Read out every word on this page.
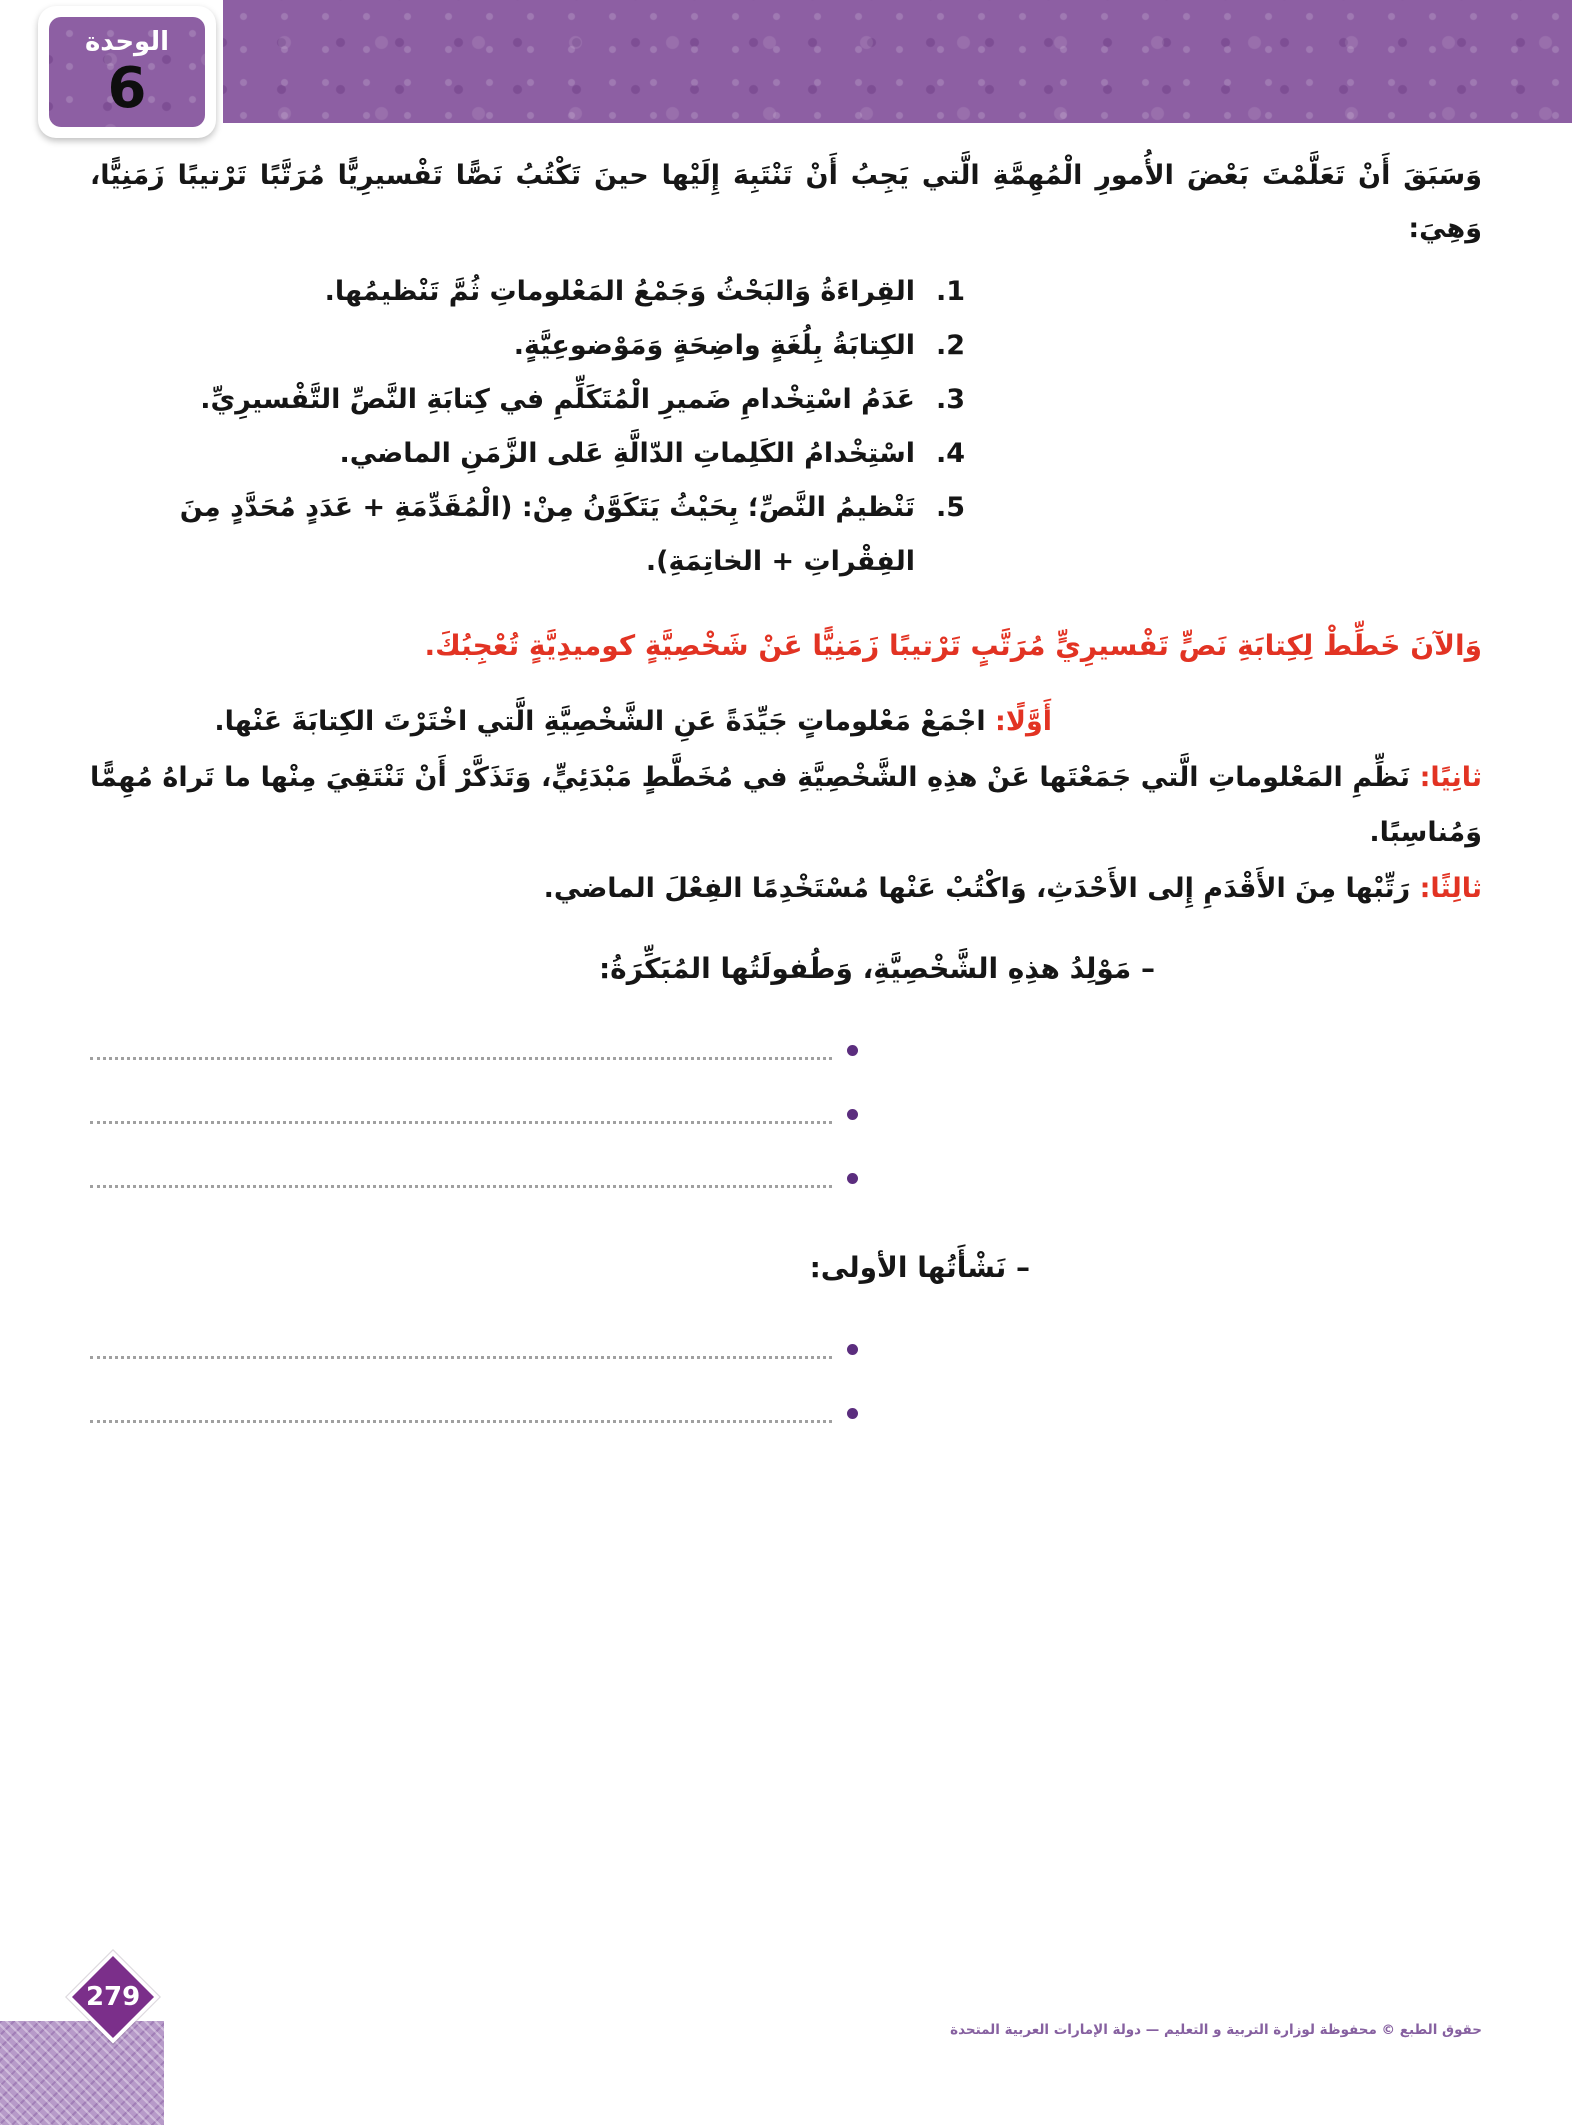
الوحدة
6

وَسَبَقَ أَنْ تَعَلَّمْتَ بَعْضَ الأُمورِ الْمُهِمَّةِ الَّتي يَجِبُ أَنْ تَنْتَبِهَ إِلَيْها حينَ تَكْتُبُ نَصًّا تَفْسيرِيًّا مُرَتَّبًا تَرْتيبًا زَمَنِيًّا، وَهِيَ:

1.
القِراءَةُ وَالبَحْثُ وَجَمْعُ المَعْلوماتِ ثُمَّ تَنْظيمُها.
2.
الكِتابَةُ بِلُغَةٍ واضِحَةٍ وَمَوْضوعِيَّةٍ.
3.
عَدَمُ اسْتِخْدامِ ضَميرِ الْمُتَكَلِّمِ في كِتابَةِ النَّصِّ التَّفْسيرِيِّ.
4.
اسْتِخْدامُ الكَلِماتِ الدّالَّةِ عَلى الزَّمَنِ الماضي.
5.
تَنْظيمُ النَّصِّ؛ بِحَيْثُ يَتَكَوَّنُ مِنْ: (الْمُقَدِّمَةِ + عَدَدٍ مُحَدَّدٍ مِنَ الفِقْراتِ + الخاتِمَةِ).

وَالآنَ خَطِّطْ لِكِتابَةِ نَصٍّ تَفْسيرِيٍّ مُرَتَّبٍ تَرْتيبًا زَمَنِيًّا عَنْ شَخْصِيَّةٍ كوميدِيَّةٍ تُعْجِبُكَ.

أَوَّلًا: اجْمَعْ مَعْلوماتٍ جَيِّدَةً عَنِ الشَّخْصِيَّةِ الَّتي اخْتَرْتَ الكِتابَةَ عَنْها.

ثانِيًا: نَظِّمِ المَعْلوماتِ الَّتي جَمَعْتَها عَنْ هذِهِ الشَّخْصِيَّةِ في مُخَطَّطٍ مَبْدَئِيٍّ، وَتَذَكَّرْ أَنْ تَنْتَقِيَ مِنْها ما تَراهُ مُهِمًّا وَمُناسِبًا.

ثالِثًا: رَتِّبْها مِنَ الأَقْدَمِ إِلى الأَحْدَثِ، وَاكْتُبْ عَنْها مُسْتَخْدِمًا الفِعْلَ الماضي.

– مَوْلِدُ هذِهِ الشَّخْصِيَّةِ، وَطُفولَتُها المُبَكِّرَةُ:
– نَشْأَتُها الأولى:
279
حقوق الطبع © محفوظة لوزارة التربية و التعليم — دولة الإمارات العربية المتحدة
